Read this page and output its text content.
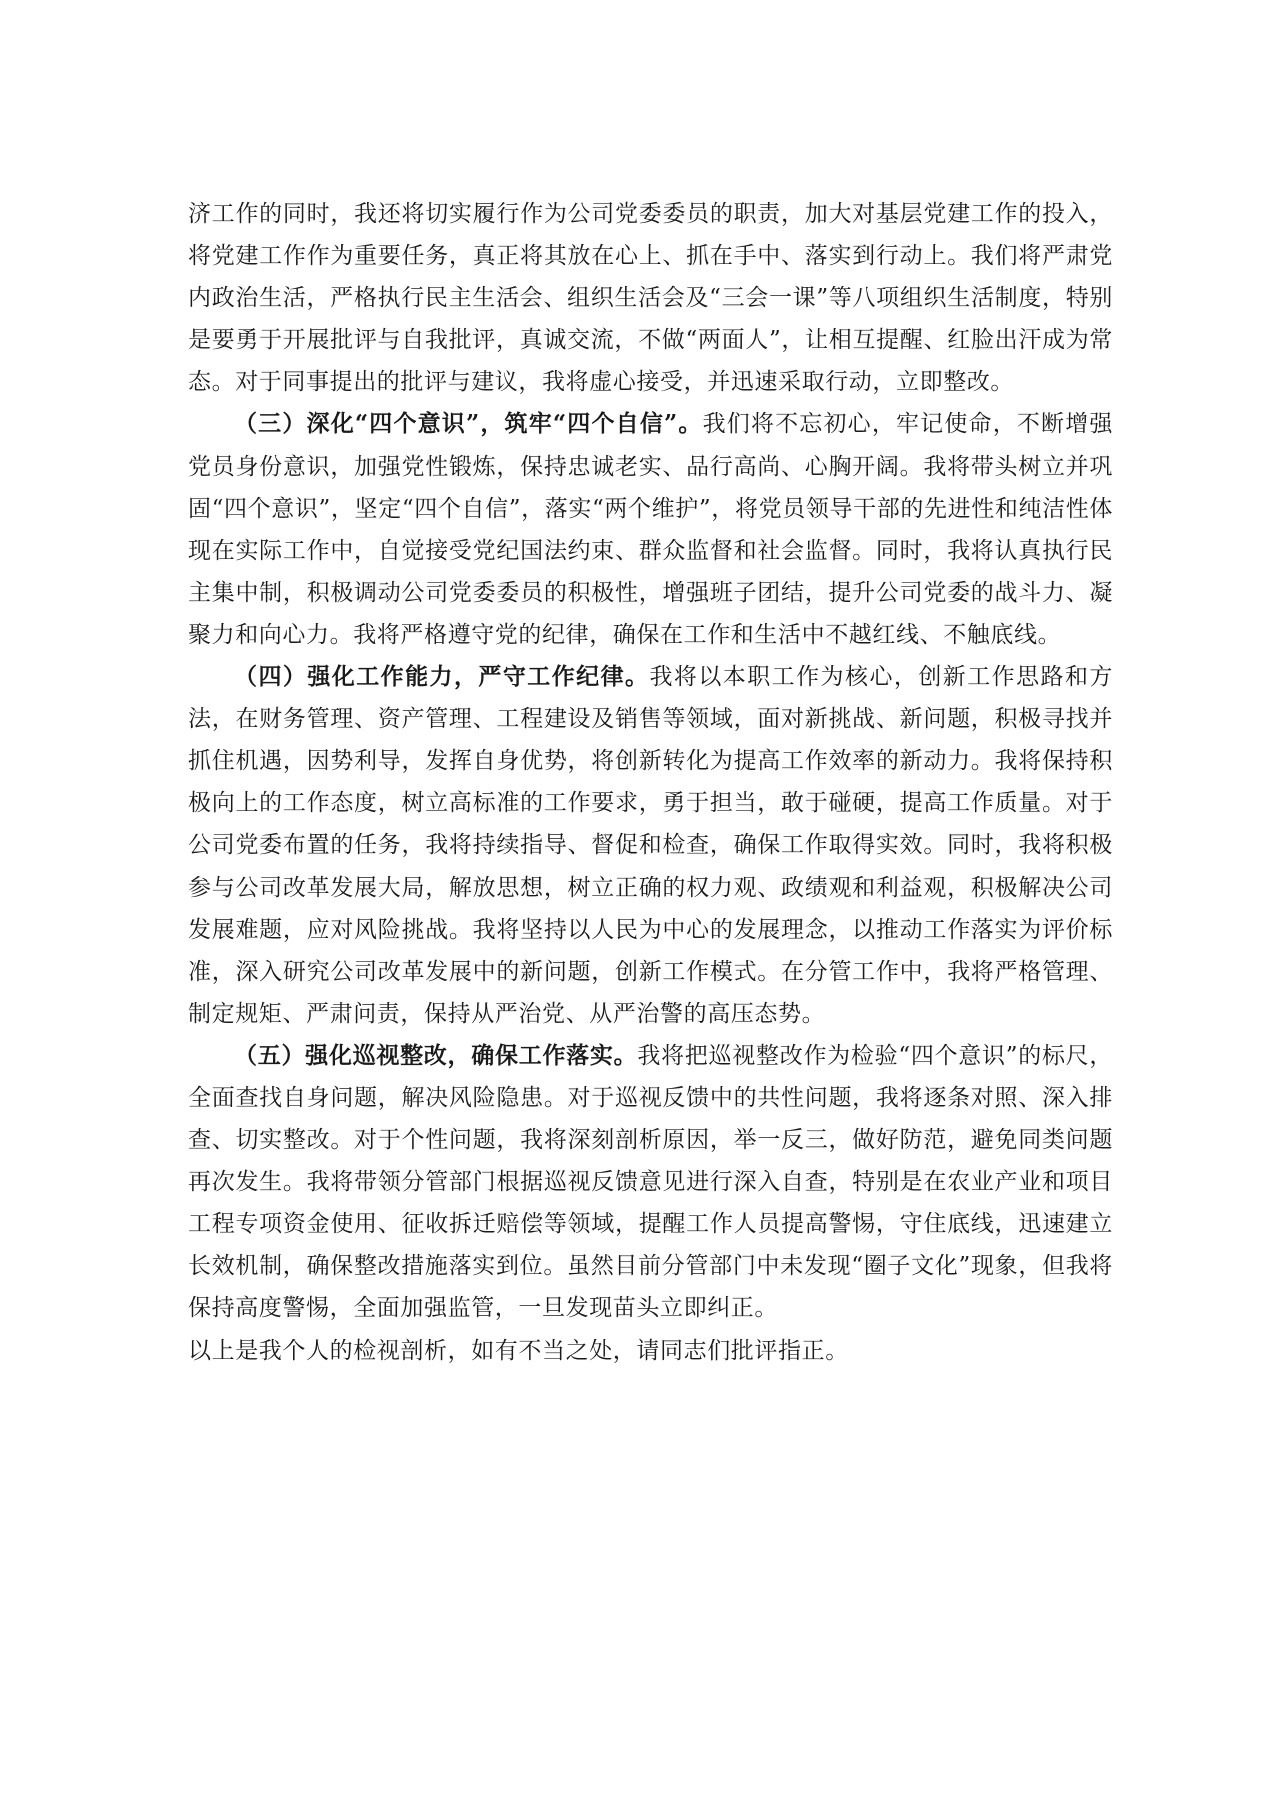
济工作的同时，我还将切实履行作为公司党委委员的职责，加大对基层党建工作的投入，将党建工作作为重要任务，真正将其放在心上、抓在手中、落实到行动上。我们将严肃党内政治生活，严格执行民主生活会、组织生活会及“三会一课”等八项组织生活制度，特别是要勇于开展批评与自我批评，真诚交流，不做“两面人”，让相互提醒、红脸出汗成为常态。对于同事提出的批评与建议，我将虚心接受，并迅速采取行动，立即整改。

（三）深化“四个意识”，筑牢“四个自信”。我们将不忘初心，牢记使命，不断增强党员身份意识，加强党性锻炼，保持忠诚老实、品行高尚、心胸开阔。我将带头树立并巩固“四个意识”，坚定“四个自信”，落实“两个维护”，将党员领导干部的先进性和纯洁性体现在实际工作中，自觉接受党纪国法约束、群众监督和社会监督。同时，我将认真执行民主集中制，积极调动公司党委委员的积极性，增强班子团结，提升公司党委的战斗力、凝聚力和向心力。我将严格遵守党的纪律，确保在工作和生活中不越红线、不触底线。

（四）强化工作能力，严守工作纪律。我将以本职工作为核心，创新工作思路和方法，在财务管理、资产管理、工程建设及销售等领域，面对新挑战、新问题，积极寻找并抓住机遇，因势利导，发挥自身优势，将创新转化为提高工作效率的新动力。我将保持积极向上的工作态度，树立高标准的工作要求，勇于担当，敢于碰硬，提高工作质量。对于公司党委布置的任务，我将持续指导、督促和检查，确保工作取得实效。同时，我将积极参与公司改革发展大局，解放思想，树立正确的权力观、政绩观和利益观，积极解决公司发展难题，应对风险挑战。我将坚持以人民为中心的发展理念，以推动工作落实为评价标准，深入研究公司改革发展中的新问题，创新工作模式。在分管工作中，我将严格管理、制定规矩、严肃问责，保持从严治党、从严治警的高压态势。

（五）强化巡视整改，确保工作落实。我将把巡视整改作为检验“四个意识”的标尺，全面查找自身问题，解决风险隐患。对于巡视反馈中的共性问题，我将逐条对照、深入排查、切实整改。对于个性问题，我将深刻剖析原因，举一反三，做好防范，避免同类问题再次发生。我将带领分管部门根据巡视反馈意见进行深入自查，特别是在农业产业和项目工程专项资金使用、征收拆迁赔偿等领域，提醒工作人员提高警惕，守住底线，迅速建立长效机制，确保整改措施落实到位。虽然目前分管部门中未发现“圈子文化”现象，但我将保持高度警惕，全面加强监管，一旦发现苗头立即纠正。

以上是我个人的检视剖析，如有不当之处，请同志们批评指正。
